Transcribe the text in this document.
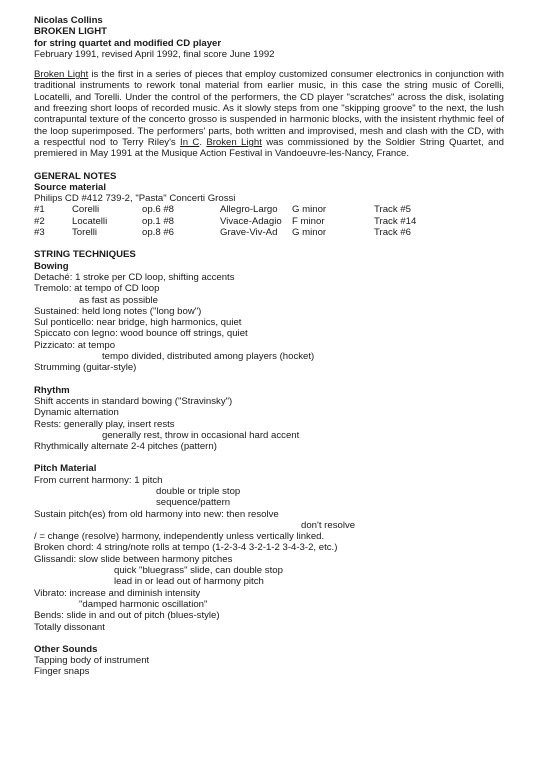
Nicolas Collins
BROKEN LIGHT
for string quartet and modified CD player
February 1991, revised April 1992, final score June 1992

Broken Light is the first in a series of pieces that employ customized consumer electronics in conjunction with traditional instruments to rework tonal material from earlier music, in this case the string music of Corelli, Locatelli, and Torelli. Under the control of the performers, the CD player "scratches" across the disk, isolating and freezing short loops of recorded music. As it slowly steps from one "skipping groove" to the next, the lush contrapuntal texture of the concerto grosso is suspended in harmonic blocks, with the insistent rhythmic feel of the loop superimposed. The performers' parts, both written and improvised, mesh and clash with the CD, with a respectful nod to Terry Riley's In C. Broken Light was commissioned by the Soldier String Quartet, and premiered in May 1991 at the Musique Action Festival in Vandoeuvre-les-Nancy, France.

GENERAL NOTES
Source material
Philips CD #412 739-2, "Pasta" Concerti Grossi
#1	Corelli	op.6 #8	Allegro-Largo	G minor	Track #5
#2	Locatelli	op.1 #8	Vivace-Adagio	F minor	Track #14
#3	Torelli	op.8 #6	Grave-Viv-Ad	G minor	Track #6
STRING TECHNIQUES
Bowing
Detaché: 1 stroke per CD loop, shifting accents
Tremolo: at tempo of CD loop
as fast as possible
Sustained: held long notes ("long bow")
Sul ponticello: near bridge, high harmonics, quiet
Spiccato con legno: wood bounce off strings, quiet
Pizzicato: at tempo
tempo divided, distributed among players (hocket)
Strumming (guitar-style)
Rhythm
Shift accents in standard bowing ("Stravinsky")
Dynamic alternation
Rests: generally play, insert rests
generally rest, throw in occasional hard accent
Rhythmically alternate 2-4 pitches (pattern)
Pitch Material
From current harmony: 1 pitch
double or triple stop
sequence/pattern
Sustain pitch(es) from old harmony into new: then resolve
don't resolve
/ = change (resolve) harmony, independently unless vertically linked.
Broken chord: 4 string/note rolls at tempo (1-2-3-4 3-2-1-2 3-4-3-2, etc.)
Glissandi: slow slide between harmony pitches
quick "bluegrass" slide, can double stop
lead in or lead out of harmony pitch
Vibrato: increase and diminish intensity
"damped harmonic oscillation"
Bends: slide in and out of pitch (blues-style)
Totally dissonant
Other Sounds
Tapping body of instrument
Finger snaps
